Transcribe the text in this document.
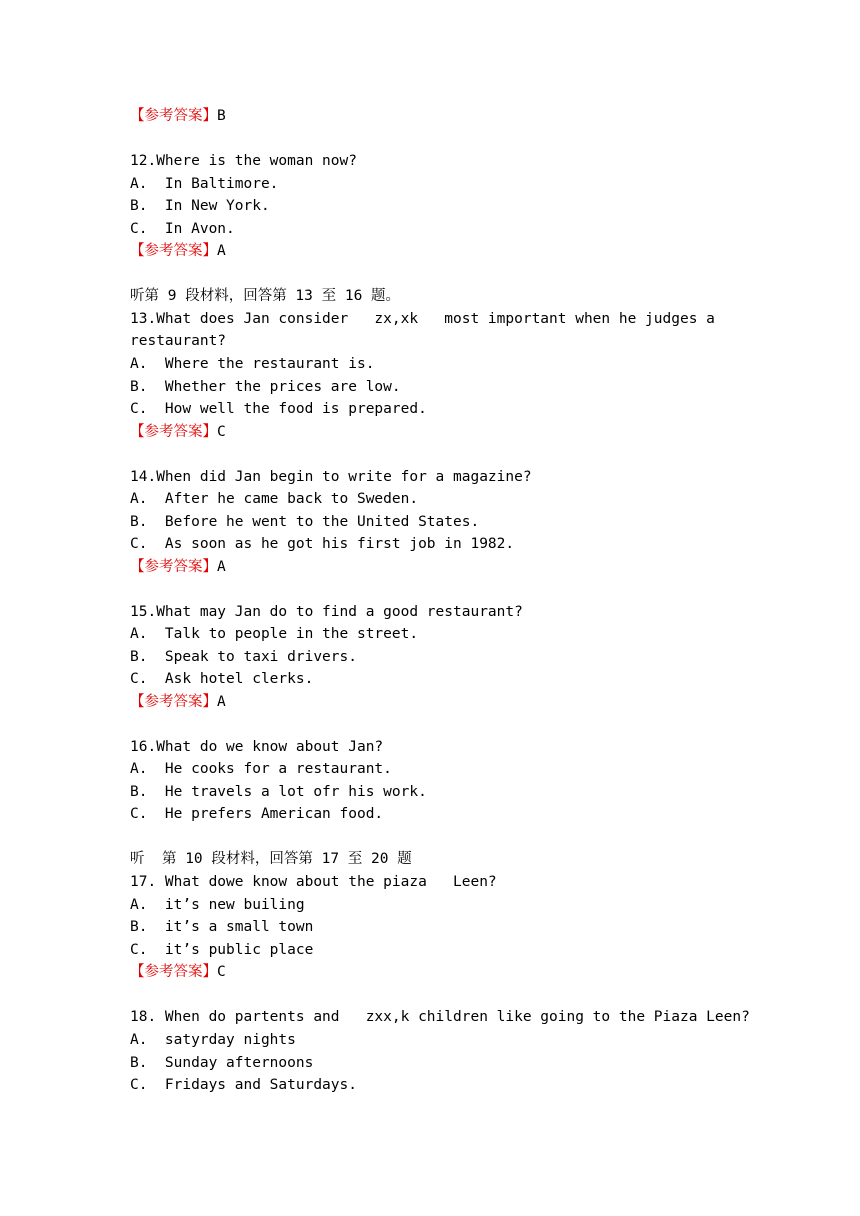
【参考答案】B
12.Where is the woman now?
A.  In Baltimore.
B.  In New York.
C.  In Avon.
【参考答案】A
听第 9 段材料，回答第 13 至 16 题。
13.What does Jan consider   zx,xk   most important when he judges a
restaurant?
A.  Where the restaurant is.
B.  Whether the prices are low.
C.  How well the food is prepared.
【参考答案】C
14.When did Jan begin to write for a magazine?
A.  After he came back to Sweden.
B.  Before he went to the United States.
C.  As soon as he got his first job in 1982.
【参考答案】A
15.What may Jan do to find a good restaurant?
A.  Talk to people in the street.
B.  Speak to taxi drivers.
C.  Ask hotel clerks.
【参考答案】A
16.What do we know about Jan?
A.  He cooks for a restaurant.
B.  He travels a lot ofr his work.
C.  He prefers American food.
听  第 10 段材料，回答第 17 至 20 题
17. What dowe know about the piaza   Leen?
A.  it’s new builing
B.  it’s a small town
C.  it’s public place
【参考答案】C
18. When do partents and   zxx,k children like going to the Piaza Leen?
A.  satyrday nights
B.  Sunday afternoons
C.  Fridays and Saturdays.
